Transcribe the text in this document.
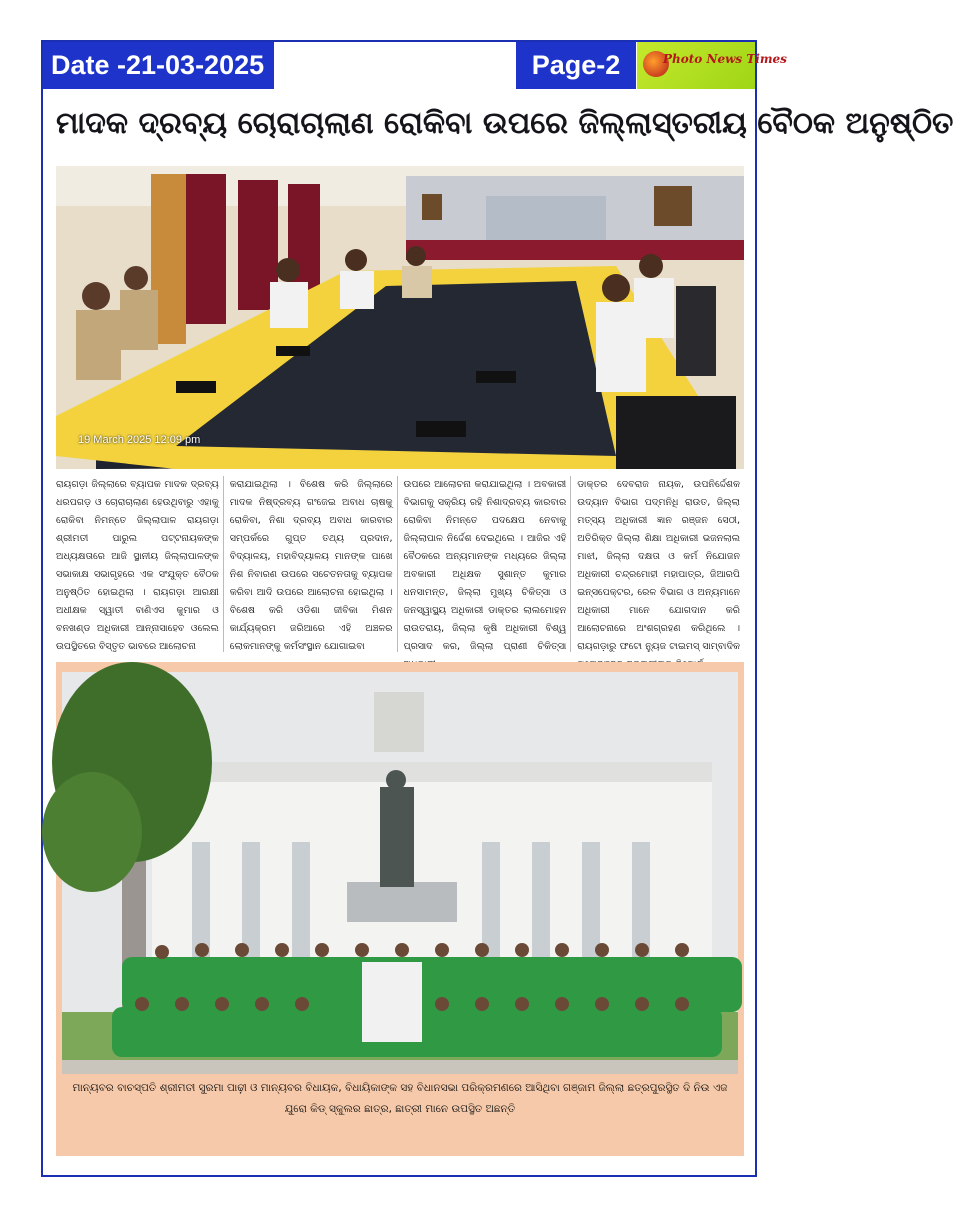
Date -21-03-2025	Page-2	Photo News Times
ମାଦକ ଦ୍ରବ୍ୟ ଚୋରାଚାଲାଣ ରୋକିବା ଉପରେ ଜିଲ୍ଲାସ୍ତରୀୟ ବୈଠକ ଅନୁଷ୍ଠିତ
19 March 2025 12:09 pm
ରାୟଗଡ଼ା ଜିଲ୍ଲାରେ ବ୍ୟାପକ ମାଦକ ଦ୍ରବ୍ୟ ଧରପଗଡ଼ ଓ ଚୋରାଚାଲାଣ ହେଉଥିବାରୁ ଏହାକୁ ରୋକିବା ନିମନ୍ତେ ଜିଲ୍ଲାପାଳ ରାୟଗଡ଼ା ଶ୍ରୀମତୀ ପାରୁଲ ପଟ୍ଟନାୟକଙ୍କ ଅଧ୍ୟକ୍ଷତାରେ ଆଜି ସ୍ଥାନୀୟ ଜିଲ୍ଲାପାଳଙ୍କ ସଭାକାକ୍ଷ ସଭାଗୃହରେ ଏକ ସଂଯୁକ୍ତ ବୈଠକ ଅନୁଷ୍ଠିତ ହୋଇଥିଲା । ରାୟଗଡ଼ା ଆରକ୍ଷୀ ଅଧୀକ୍ଷକ ସ୍ୱାତୀ ବାଣିଏସ କୁମାର ଓ ବନଖଣ୍ଡ ଅଧିକାରୀ ଆନ୍ନାସାହେବ ଓଲେଲ ଉପସ୍ଥିତରେ ବିସ୍ତୃତ ଭାବରେ ଆଲୋଚନା
କରାଯାଇଥିଲା । ବିଶେଷ କରି ଜିଲ୍ଲାରେ ମାଦକ ନିଷ୍ଦ୍ରବ୍ୟ ଗଂଜେଇ ଅବାଧ ଚାଷକୁ ରୋକିବା, ନିଶା ଦ୍ରବ୍ୟ ଅବାଧ କାରବାର ସମ୍ପର୍କରେ ଗୁପ୍ତ ତଥ୍ୟ ପ୍ରଦାନ, ବିଦ୍ୟାଳୟ, ମହାବିଦ୍ୟାଳୟ ମାନଙ୍କ ପାଖେ ନିଶ ନିବାରଣ ଉପରେ ସଚେତନତାକୁ ବ୍ୟାପକ କରିବା ଆଦି ଉପରେ ଆଲୋଚନା ହୋଇଥିଲା । ବିଶେଷ କରି ଓଡିଶା ଜୀବିକା ମିଶନ କାର୍ଯ୍ୟକ୍ରମ ଜରିଆରେ ଏହି ଅଞ୍ଚଳର ଲୋକମାନଙ୍କୁ କର୍ମସଂସ୍ଥାନ ଯୋଗାଇବା
ଉପରେ ଆଲୋଚନା କରାଯାଇଥିଲା । ଅବକାରୀ ବିଭାଗକୁ ସକ୍ରିୟ ରହି ନିଶାଦ୍ରବ୍ୟ କାରବାର ରୋକିବା ନିମନ୍ତେ ପଦକ୍ଷେପ ନେବାକୁ ଜିଲ୍ଲାପାଳ ନିର୍ଦ୍ଦେଶ ଦେଇଥିଲେ । ଆଜିର ଏହି ବୈଠକରେ ଅନ୍ୟମାନଙ୍କ ମଧ୍ୟରେ ଜିଲ୍ଲା ଅବକାରୀ ଅଧିକ୍ଷକ ସୁଶାନ୍ତ କୁମାର ଧନସାମନ୍ତ, ଜିଲ୍ଲା ମୁଖ୍ୟ ଚିକିତ୍ସା ଓ ଜନସ୍ୱାସ୍ଥ୍ୟ ଅଧିକାରୀ ଡାକ୍ତର ଲାଲମୋହନ ରାଉତରାୟ, ଜିଲ୍ଲା କୃଷି ଅଧିକାରୀ ବିଶ୍ୱ ପ୍ରସାଦ କର, ଜିଲ୍ଲା ପ୍ରାଣୀ ଚିକିତ୍ସା
ଡାକ୍ତର ଦେବରାଜ ନାୟକ, ଉପନିର୍ଦ୍ଦେଶକ ଉଦ୍ୟାନ ବିଭାଗ ପଦ୍ମନିଧି ରାଉତ, ଜିଲ୍ଲା ମତ୍ସ୍ୟ ଅଧିକାରୀ ଜ୍ଞାନ ରଞ୍ଜନ ସେଠୀ, ଅତିରିକ୍ତ ଜିଲ୍ଲା ଶିକ୍ଷା ଅଧିକାରୀ ଭଜନଲାଲ ମାଝୀ, ଜିଲ୍ଲା ଦକ୍ଷତା ଓ କର୍ମ ନିଯୋଜନ ଅଧିକାରୀ ଚନ୍ଦ୍ରମୋହୀ ମହାପାତ୍ର, ଜିଆରପି ଇନ୍‌ସପେକ୍ଟର, ରେଳ ବିଭାଗ ଓ ଅନ୍ୟମାନେ ଅଧିକାରୀ ମାନେ ଯୋଗଦାନ କରି ଆଲୋଚନାରେ ଅଂଶଗ୍ରହଣ କରିଥିଲେ । ରାୟଗଡ଼ାରୁ ଫଟୋ ନ୍ୟୁଜ ଟାଇମସ୍ ସାମ୍ବାଦିକ
ମାନ୍ୟବର ବାଚସ୍ପତି ଶ୍ରୀମତୀ ସୁରମା ପାଢ଼ୀ ଓ ମାନ୍ୟବର ବିଧାୟକ, ବିଧାୟିକାଙ୍କ ସହ ବିଧାନସଭା ପରିକ୍ରମଣରେ ଆସିଥିବା ଗଞ୍ଜାମ ଜିଲ୍ଲା ଛତ୍ରପୁରସ୍ଥିତ ଦି ନିଉ ଏଜ ଯୁରୋ କିଡ୍ ସ୍କୁଲର ଛାତ୍ର, ଛାତ୍ରୀ ମାନେ ଉପସ୍ଥିତ ଅଛନ୍ତି
